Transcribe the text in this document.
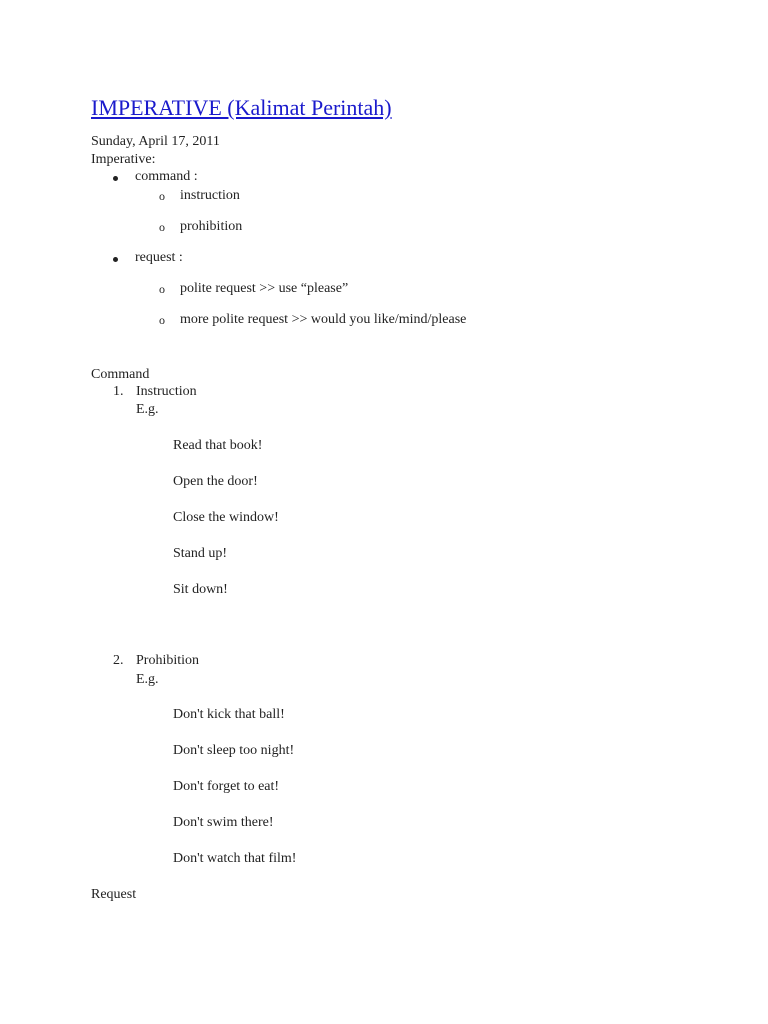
IMPERATIVE (Kalimat Perintah)
Sunday, April 17, 2011
Imperative:
command :
o instruction
o prohibition
request :
o polite request >> use “please”
o more polite request >> would you like/mind/please
Command
1. Instruction
E.g.
Read that book!
Open the door!
Close the window!
Stand up!
Sit down!
2. Prohibition
E.g.
Don't kick that ball!
Don't sleep too night!
Don't forget to eat!
Don't swim there!
Don't watch that film!
Request
